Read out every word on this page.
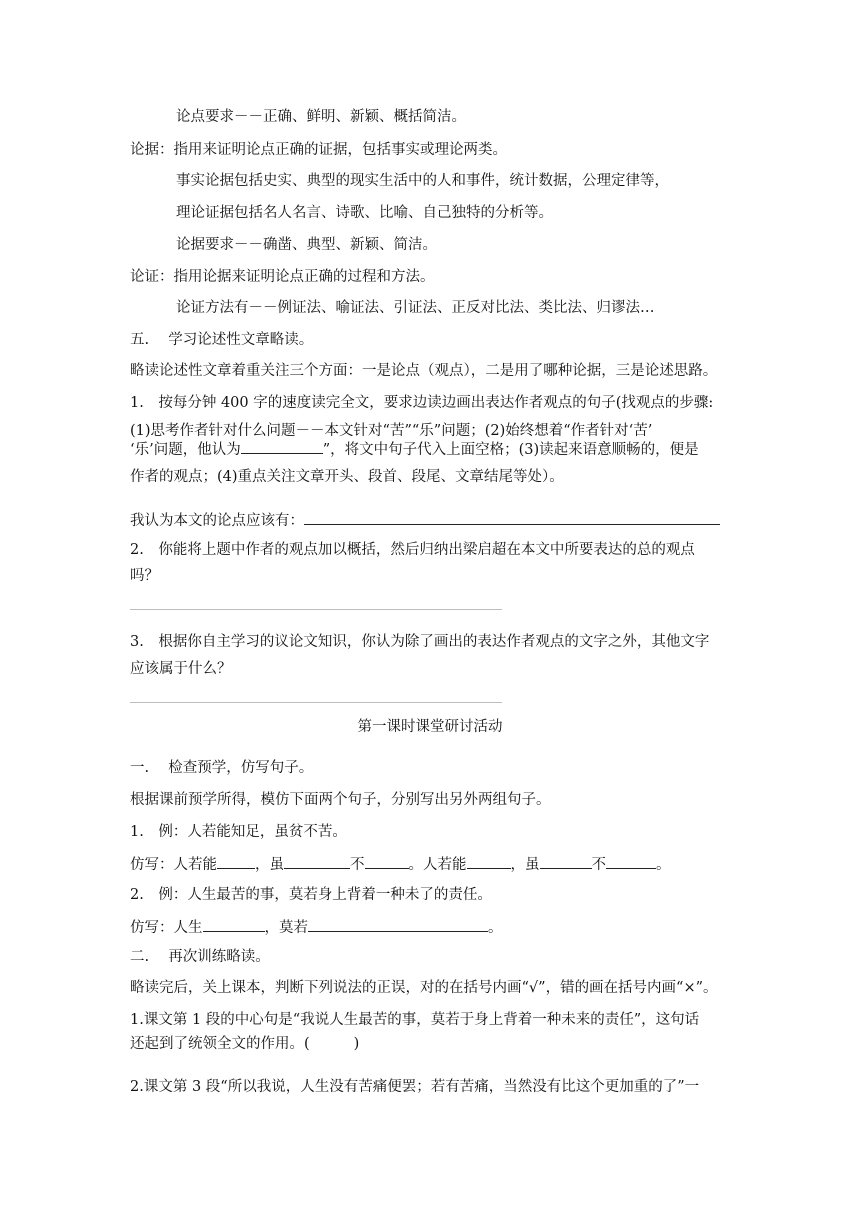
论点要求－－正确、鲜明、新颖、概括简洁。
论据：指用来证明论点正确的证据，包括事实或理论两类。
事实论据包括史实、典型的现实生活中的人和事件，统计数据，公理定律等，
理论证据包括名人名言、诗歌、比喻、自己独特的分析等。
论据要求－－确凿、典型、新颖、简洁。
论证：指用论据来证明论点正确的过程和方法。
论证方法有－－例证法、喻证法、引证法、正反对比法、类比法、归谬法…
五.　 学习论述性文章略读。
略读论述性文章着重关注三个方面：一是论点（观点），二是用了哪种论据，三是论述思路。
1.　按每分钟 400 字的速度读完全文，要求边读边画出表达作者观点的句子(找观点的步骤:
(1)思考作者针对什么问题－－本文针对“苦”“乐”问题；(2)始终想着“作者针对‘苦’
‘乐’问题，他认为	”，将文中句子代入上面空格；(3)读起来语意顺畅的，便是
作者的观点；(4)重点关注文章开头、段首、段尾、文章结尾等处）。
我认为本文的论点应该有：
2.　你能将上题中作者的观点加以概括，然后归纳出梁启超在本文中所要表达的总的观点
吗？
3.　根据你自主学习的议论文知识，你认为除了画出的表达作者观点的文字之外，其他文字
应该属于什么？
第一课时课堂研讨活动
一.　 检查预学，仿写句子。
根据课前预学所得，模仿下面两个句子，分别写出另外两组句子。
1.　例：人若能知足，虽贫不苦。
仿写：人若能	，虽	不	。人若能	，虽	不	。
2.　例：人生最苦的事，莫若身上背着一种未了的责任。
仿写：人生	，莫若	。
二.　 再次训练略读。
略读完后，关上课本，判断下列说法的正误，对的在括号内画“√”，错的画在括号内画“×”。
1.课文第 1 段的中心句是“我说人生最苦的事，莫若于身上背着一种未来的责任”，这句话
还起到了统领全文的作用。(	)
2.课文第 3 段“所以我说，人生没有苦痛便罢；若有苦痛，当然没有比这个更加重的了”一
